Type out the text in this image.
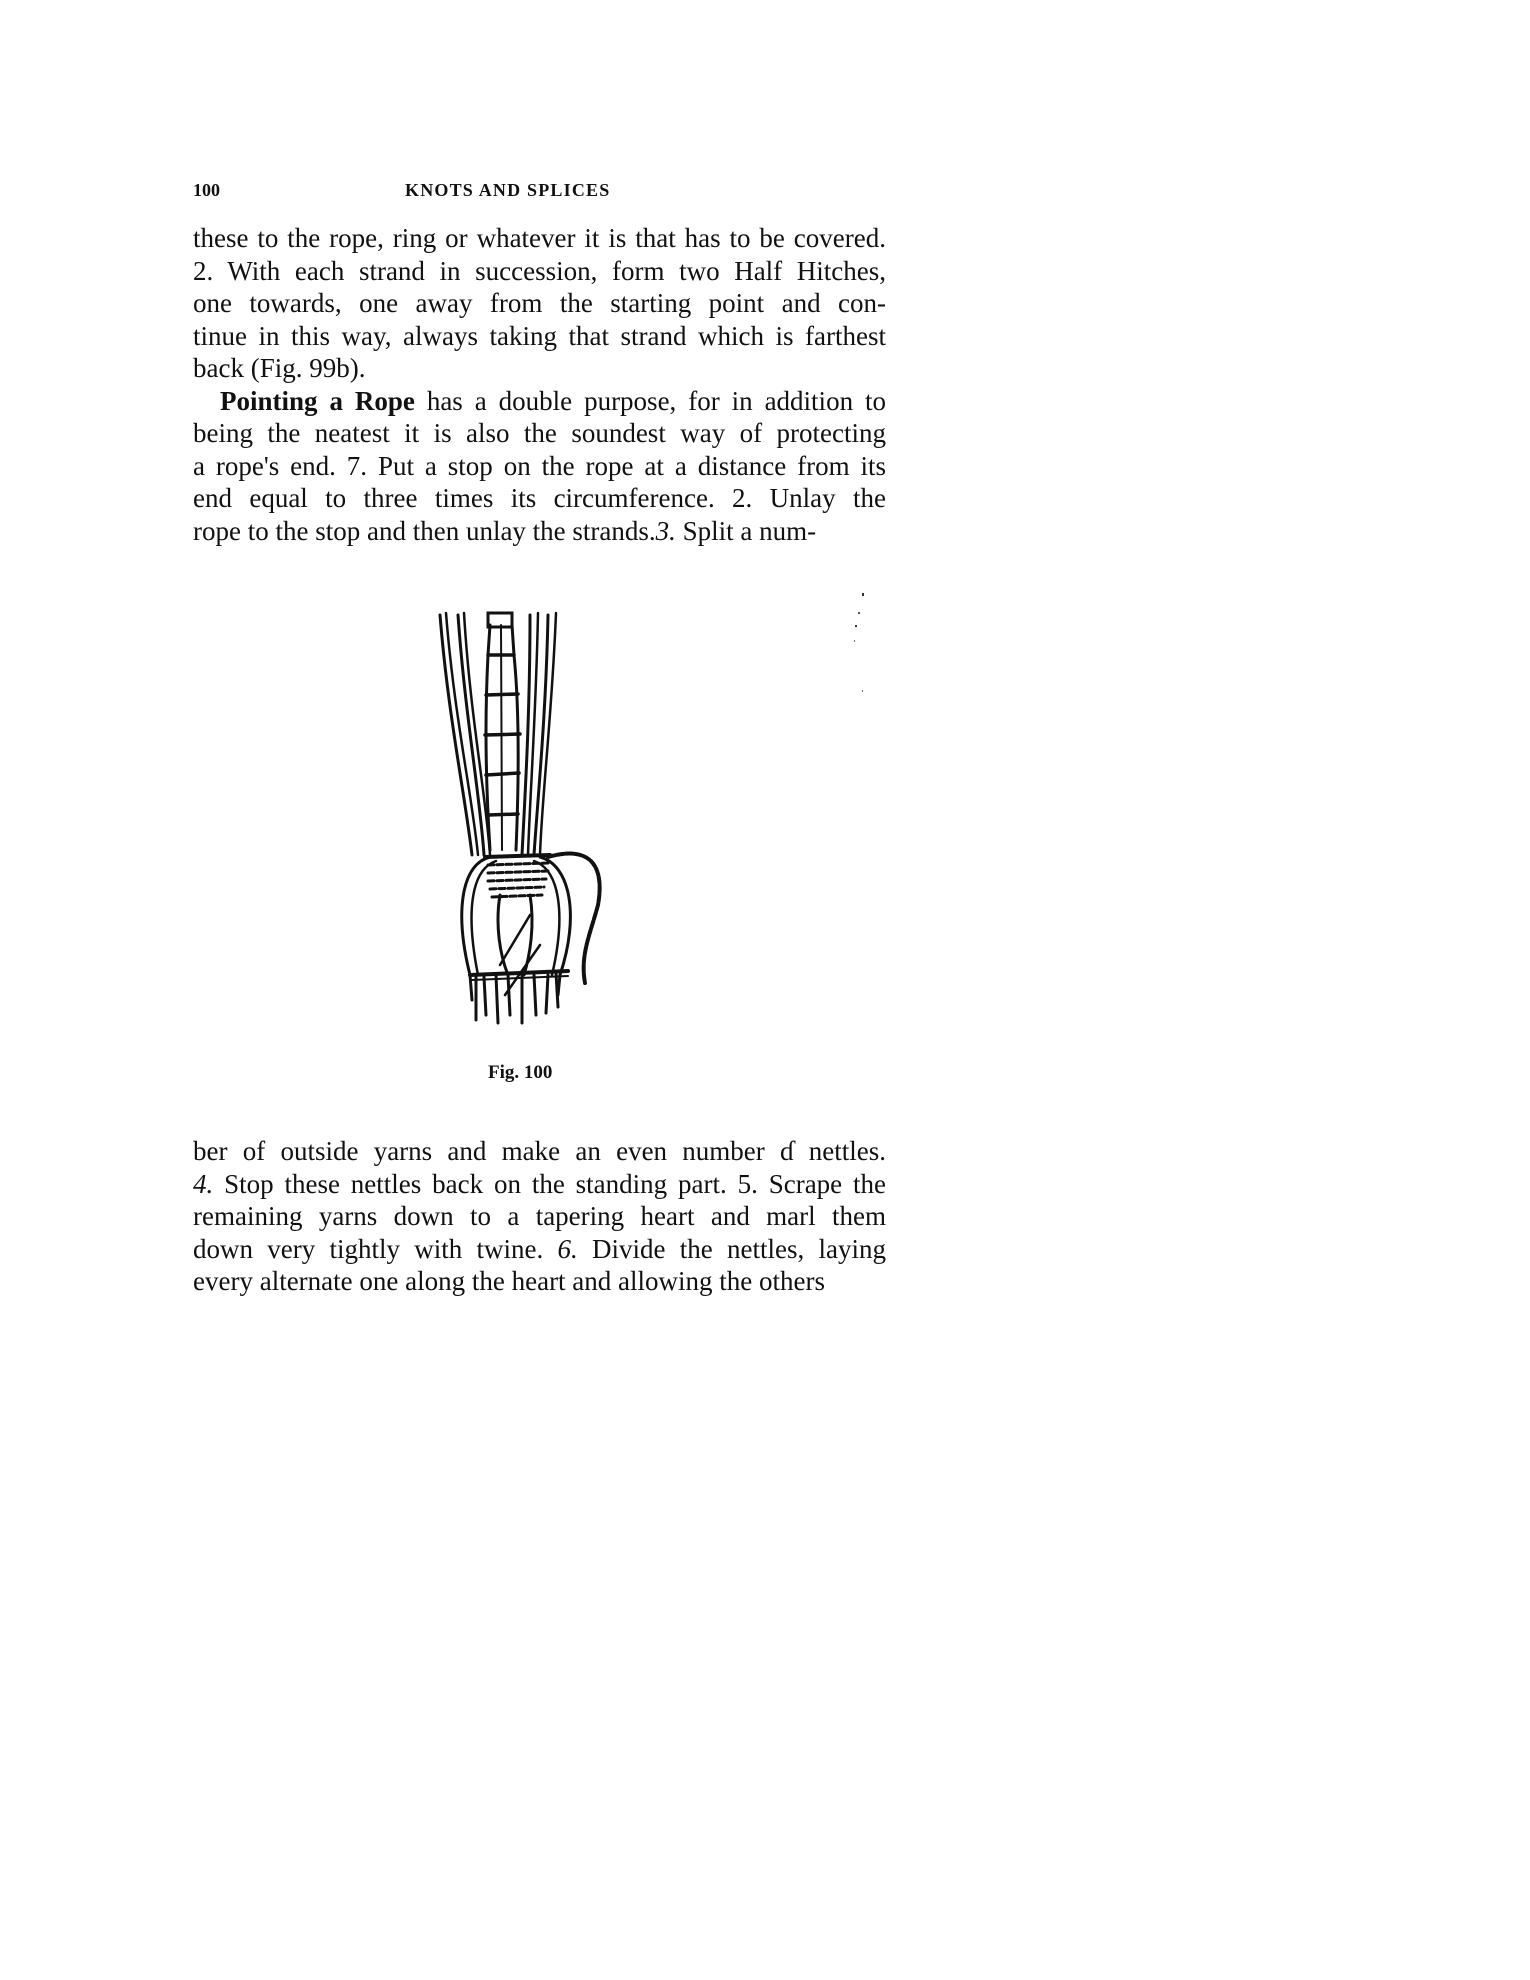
100	KNOTS AND SPLICES
these to the rope, ring or whatever it is that has to be covered.
2. With each strand in succession, form two Half Hitches,
one towards, one away from the starting point and con-
tinue in this way, always taking that strand which is farthest
back (Fig. 99b).
Pointing a Rope has a double purpose, for in addition to
being the neatest it is also the soundest way of protecting
a rope's end. 7. Put a stop on the rope at a distance from its
end equal to three times its circumference. 2. Unlay the
rope to the stop and then unlay the strands.3. Split a num-
Fig. 100
ber of outside yarns and make an even number ɗ nettles.
4. Stop these nettles back on the standing part. 5. Scrape the
remaining yarns down to a tapering heart and marl them
down very tightly with twine. 6. Divide the nettles, laying
every alternate one along the heart and allowing the others
